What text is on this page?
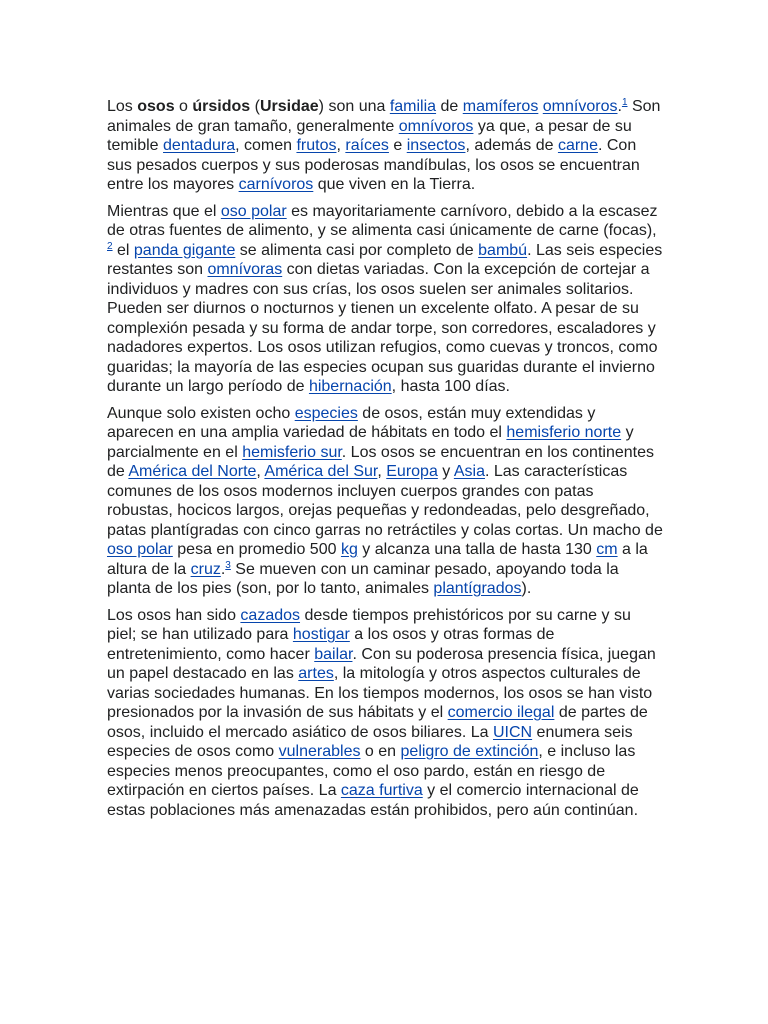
Los osos o úrsidos (Ursidae) son una familia de mamíferos omnívoros.$^1$ Son animales de gran tamaño, generalmente omnívoros ya que, a pesar de su temible dentadura, comen frutos, raíces e insectos, además de carne. Con sus pesados cuerpos y sus poderosas mandíbulas, los osos se encuentran entre los mayores carnívoros que viven en la Tierra.

Mientras que el oso polar es mayoritariamente carnívoro, debido a la escasez de otras fuentes de alimento, y se alimenta casi únicamente de carne (focas), $^2$ el panda gigante se alimenta casi por completo de bambú. Las seis especies restantes son omnívoras con dietas variadas. Con la excepción de cortejar a individuos y madres con sus crías, los osos suelen ser animales solitarios. Pueden ser diurnos o nocturnos y tienen un excelente olfato. A pesar de su complexión pesada y su forma de andar torpe, son corredores, escaladores y nadadores expertos. Los osos utilizan refugios, como cuevas y troncos, como guaridas; la mayoría de las especies ocupan sus guaridas durante el invierno durante un largo período de hibernación, hasta 100 días.

Aunque solo existen ocho especies de osos, están muy extendidas y aparecen en una amplia variedad de hábitats en todo el hemisferio norte y parcialmente en el hemisferio sur. Los osos se encuentran en los continentes de América del Norte, América del Sur, Europa y Asia. Las características comunes de los osos modernos incluyen cuerpos grandes con patas robustas, hocicos largos, orejas pequeñas y redondeadas, pelo desgreñado, patas plantígradas con cinco garras no retráctiles y colas cortas. Un macho de oso polar pesa en promedio 500 kg y alcanza una talla de hasta 130 cm a la altura de la cruz.$^3$ Se mueven con un caminar pesado, apoyando toda la planta de los pies (son, por lo tanto, animales plantígrados).

Los osos han sido cazados desde tiempos prehistóricos por su carne y su piel; se han utilizado para hostigar a los osos y otras formas de entretenimiento, como hacer bailar. Con su poderosa presencia física, juegan un papel destacado en las artes, la mitología y otros aspectos culturales de varias sociedades humanas. En los tiempos modernos, los osos se han visto presionados por la invasión de sus hábitats y el comercio ilegal de partes de osos, incluido el mercado asiático de osos biliares. La UICN enumera seis especies de osos como vulnerables o en peligro de extinción, e incluso las especies menos preocupantes, como el oso pardo, están en riesgo de extirpación en ciertos países. La caza furtiva y el comercio internacional de estas poblaciones más amenazadas están prohibidos, pero aún continúan.
